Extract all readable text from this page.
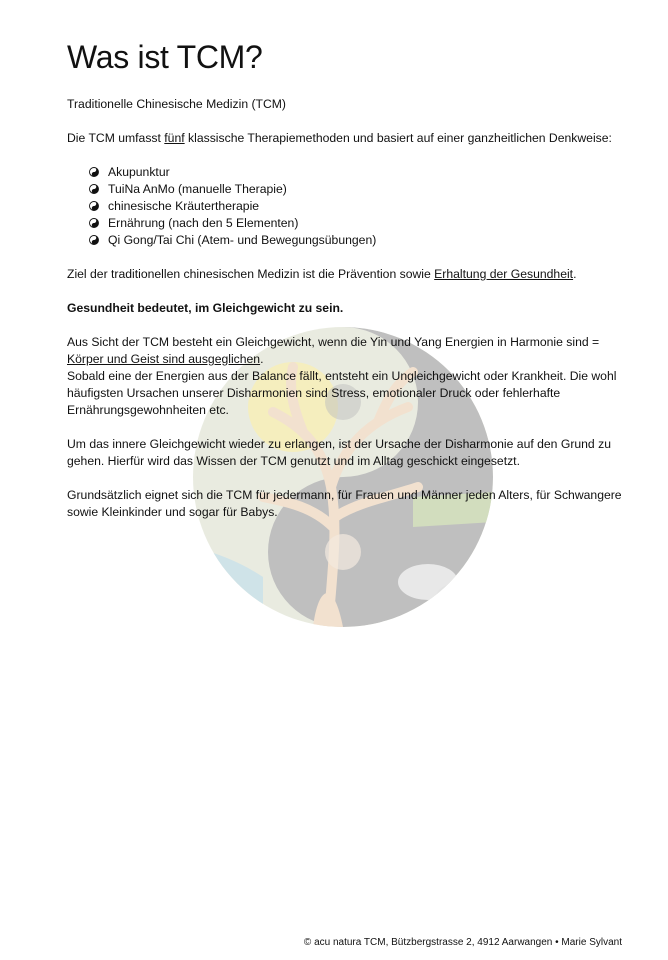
Was ist TCM?

Traditionelle Chinesische Medizin (TCM)

Die TCM umfasst fünf klassische Therapiemethoden und basiert auf einer ganzheitlichen Denkweise:

Akupunktur
TuiNa AnMo (manuelle Therapie)
chinesische Kräutertherapie
Ernährung (nach den 5 Elementen)
Qi Gong/Tai Chi (Atem- und Bewegungsübungen)

Ziel der traditionellen chinesischen Medizin ist die Prävention sowie Erhaltung der Gesundheit.

Gesundheit bedeutet, im Gleichgewicht zu sein.

Aus Sicht der TCM besteht ein Gleichgewicht, wenn die Yin und Yang Energien in Harmonie sind = Körper und Geist sind ausgeglichen.
Sobald eine der Energien aus der Balance fällt, entsteht ein Ungleichgewicht oder Krankheit. Die wohl häufigsten Ursachen unserer Disharmonien sind Stress, emotionaler Druck oder fehlerhafte Ernährungsgewohnheiten etc.

Um das innere Gleichgewicht wieder zu erlangen, ist der Ursache der Disharmonie auf den Grund zu gehen. Hierfür wird das Wissen der TCM genutzt und im Alltag geschickt eingesetzt.

Grundsätzlich eignet sich die TCM für jedermann, für Frauen und Männer jeden Alters, für Schwangere sowie Kleinkinder und sogar für Babys.

© acu natura TCM, Bützbergstrasse 2, 4912 Aarwangen • Marie Sylvant
